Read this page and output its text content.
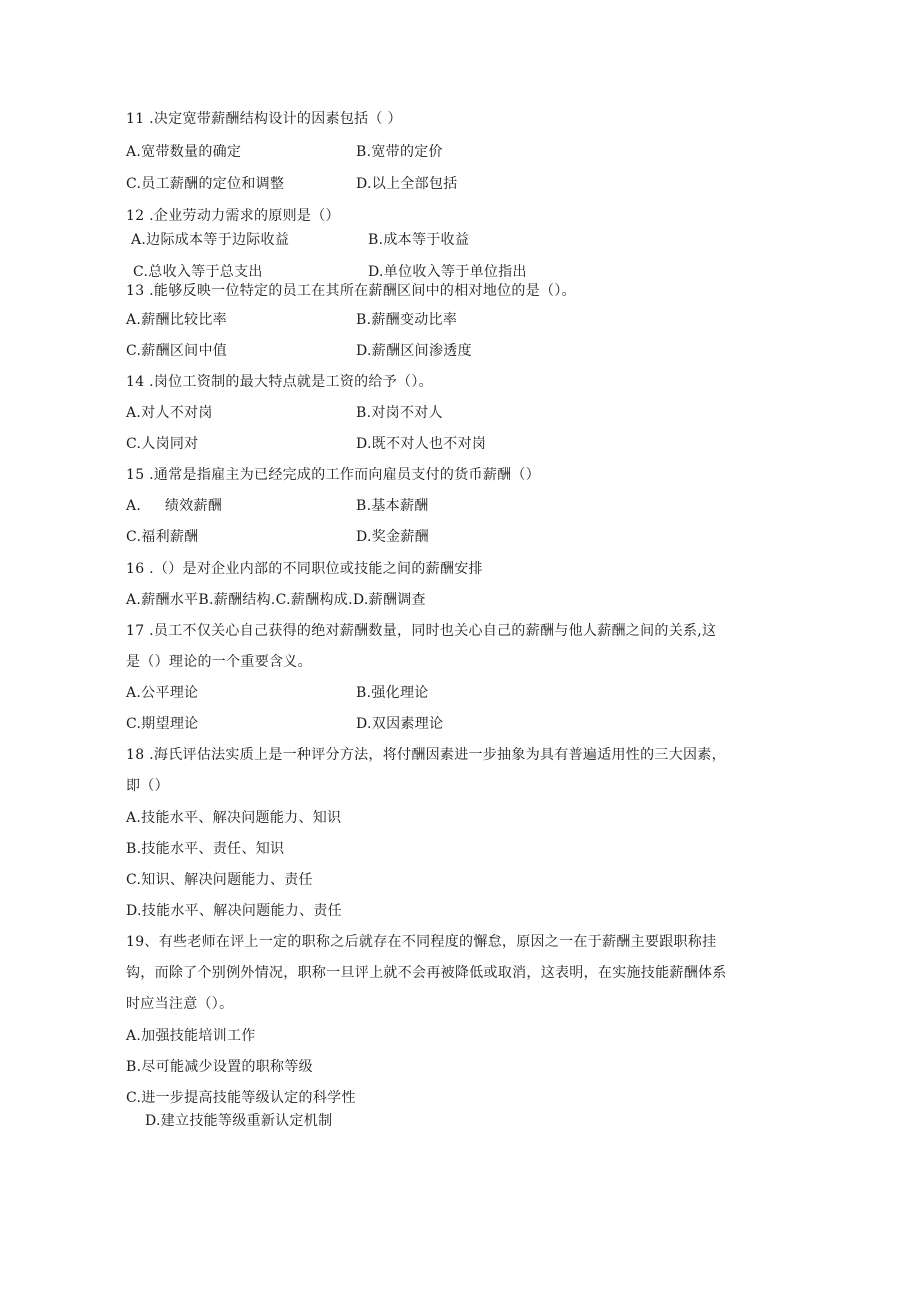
11 .决定宽带薪酬结构设计的因素包括（ ）
A.宽带数量的确定	B.宽带的定价
C.员工薪酬的定位和调整	D.以上全部包括
12 .企业劳动力需求的原则是（）
A.边际成本等于边际收益	B.成本等于收益
C.总收入等于总支出	D.单位收入等于单位指出
13 .能够反映一位特定的员工在其所在薪酬区间中的相对地位的是（）。
A.薪酬比较比率	B.薪酬变动比率
C.薪酬区间中值	D.薪酬区间渗透度
14 .岗位工资制的最大特点就是工资的给予（）。
A.对人不对岗	B.对岗不对人
C.人岗同对	D.既不对人也不对岗
15 .通常是指雇主为已经完成的工作而向雇员支付的货币薪酬（）
A.     绩效薪酬	B.基本薪酬
C.福利薪酬	D.奖金薪酬
16 .（）是对企业内部的不同职位或技能之间的薪酬安排
A.薪酬水平B.薪酬结构.C.薪酬构成.D.薪酬调查
17 .员工不仅关心自己获得的绝对薪酬数量，同时也关心自己的薪酬与他人薪酬之间的关系,这
是（）理论的一个重要含义。
A.公平理论	B.强化理论
C.期望理论	D.双因素理论
18 .海氏评估法实质上是一种评分方法，将付酬因素进一步抽象为具有普遍适用性的三大因素，
即（）
A.技能水平、解决问题能力、知识
B.技能水平、责任、知识
C.知识、解决问题能力、责任
D.技能水平、解决问题能力、责任
19、有些老师在评上一定的职称之后就存在不同程度的懈怠，原因之一在于薪酬主要跟职称挂
钩，而除了个别例外情况，职称一旦评上就不会再被降低或取消，这表明，在实施技能薪酬体系
时应当注意（）。
A.加强技能培训工作
B.尽可能减少设置的职称等级
C.进一步提高技能等级认定的科学性
D.建立技能等级重新认定机制
